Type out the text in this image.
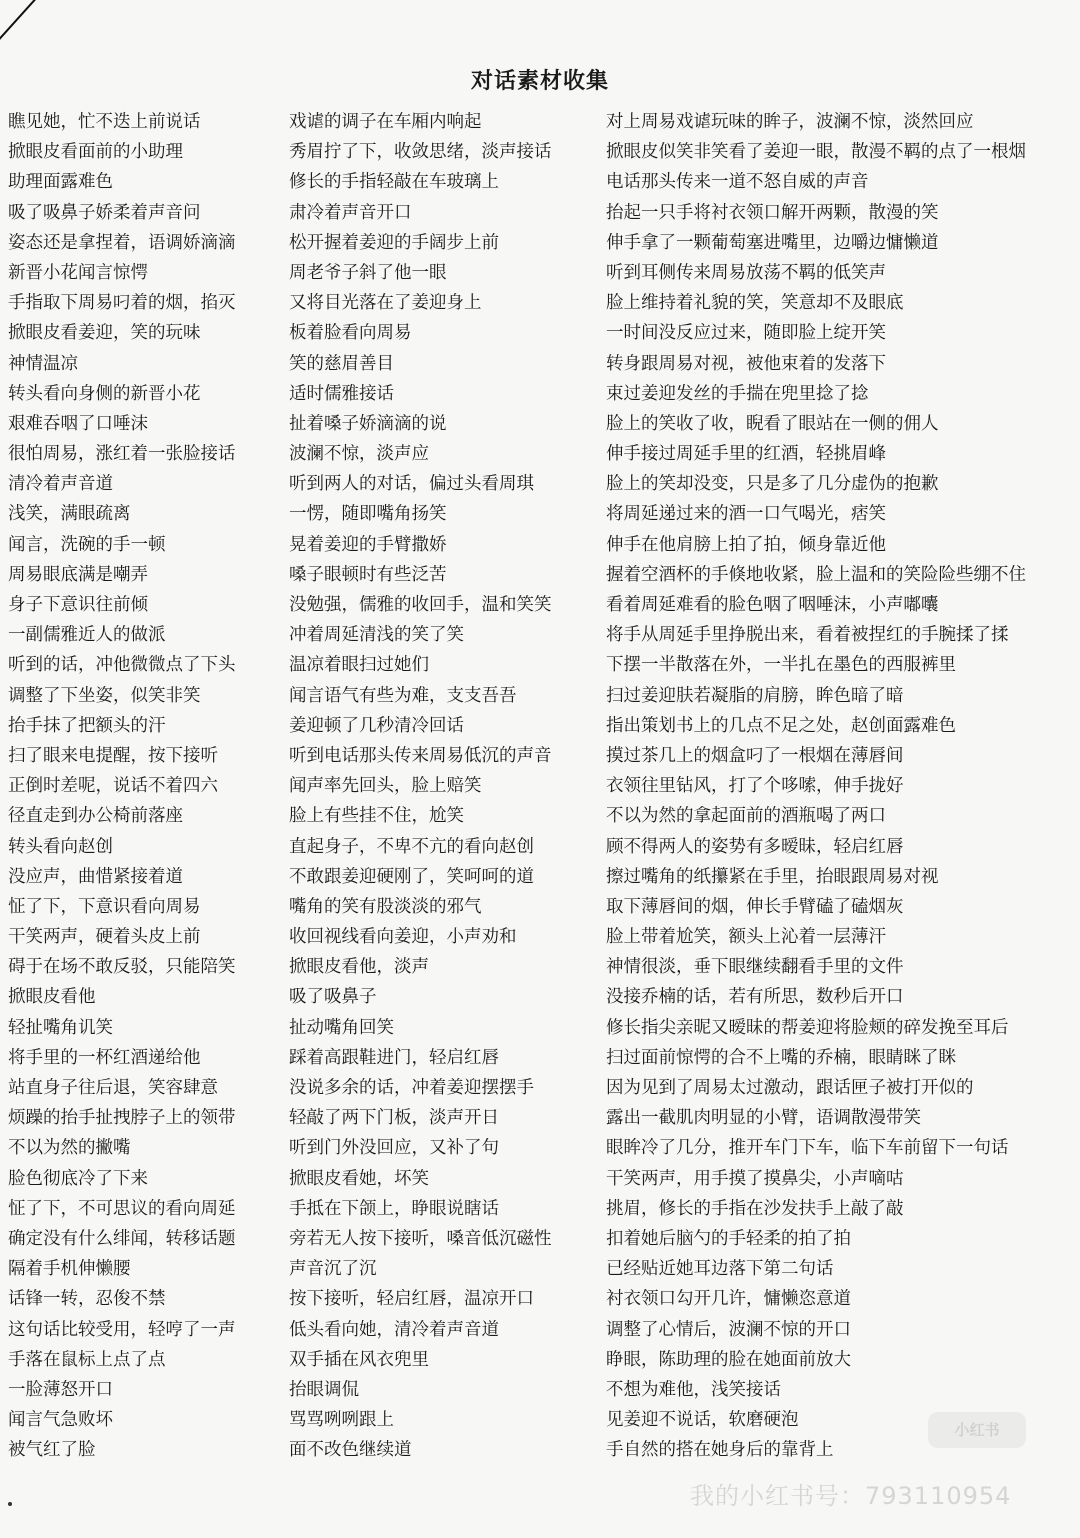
对话素材收集
瞧见她，忙不迭上前说话
掀眼皮看面前的小助理
助理面露难色
吸了吸鼻子娇柔着声音问
姿态还是拿捏着，语调娇滴滴
新晋小花闻言惊愕
手指取下周易叼着的烟，掐灭
掀眼皮看姜迎，笑的玩味
神情温凉
转头看向身侧的新晋小花
艰难吞咽了口唾沫
很怕周易，涨红着一张脸接话
清冷着声音道
浅笑，满眼疏离
闻言，洗碗的手一顿
周易眼底满是嘲弄
身子下意识往前倾
一副儒雅近人的做派
听到的话，冲他微微点了下头
调整了下坐姿，似笑非笑
抬手抹了把额头的汗
扫了眼来电提醒，按下接听
正倒时差呢，说话不着四六
径直走到办公椅前落座
转头看向赵创
没应声，曲惜紧接着道
怔了下，下意识看向周易
干笑两声，硬着头皮上前
碍于在场不敢反驳，只能陪笑
掀眼皮看他
轻扯嘴角讥笑
将手里的一杯红酒递给他
站直身子往后退，笑容肆意
烦躁的抬手扯拽脖子上的领带
不以为然的撇嘴
脸色彻底冷了下来
怔了下，不可思议的看向周延
确定没有什么绯闻，转移话题
隔着手机伸懒腰
话锋一转，忍俊不禁
这句话比较受用，轻哼了一声
手落在鼠标上点了点
一脸薄怒开口
闻言气急败坏
被气红了脸
戏谑的调子在车厢内响起
秀眉拧了下，收敛思绪，淡声接话
修长的手指轻敲在车玻璃上
肃冷着声音开口
松开握着姜迎的手阔步上前
周老爷子斜了他一眼
又将目光落在了姜迎身上
板着脸看向周易
笑的慈眉善目
适时儒雅接话
扯着嗓子娇滴滴的说
波澜不惊，淡声应
听到两人的对话，偏过头看周琪
一愣，随即嘴角扬笑
晃着姜迎的手臂撒娇
嗓子眼顿时有些泛苦
没勉强，儒雅的收回手，温和笑笑
冲着周延清浅的笑了笑
温凉着眼扫过她们
闻言语气有些为难，支支吾吾
姜迎顿了几秒清冷回话
听到电话那头传来周易低沉的声音
闻声率先回头，脸上赔笑
脸上有些挂不住，尬笑
直起身子，不卑不亢的看向赵创
不敢跟姜迎硬刚了，笑呵呵的道
嘴角的笑有股淡淡的邪气
收回视线看向姜迎，小声劝和
掀眼皮看他，淡声
吸了吸鼻子
扯动嘴角回笑
踩着高跟鞋进门，轻启红唇
没说多余的话，冲着姜迎摆摆手
轻敲了两下门板，淡声开日
听到门外没回应，又补了句
掀眼皮看她，坏笑
手抵在下颌上，睁眼说瞎话
旁若无人按下接听，嗓音低沉磁性
声音沉了沉
按下接听，轻启红唇，温凉开口
低头看向她，清冷着声音道
双手插在风衣兜里
抬眼调侃
骂骂咧咧跟上
面不改色继续道
对上周易戏谑玩味的眸子，波澜不惊，淡然回应
掀眼皮似笑非笑看了姜迎一眼，散漫不羁的点了一根烟
电话那头传来一道不怒自威的声音
抬起一只手将衬衣领口解开两颗，散漫的笑
伸手拿了一颗葡萄塞进嘴里，边嚼边慵懒道
听到耳侧传来周易放荡不羁的低笑声
脸上维持着礼貌的笑，笑意却不及眼底
一时间没反应过来，随即脸上绽开笑
转身跟周易对视，被他束着的发落下
束过姜迎发丝的手揣在兜里捻了捻
脸上的笑收了收，睨看了眼站在一侧的佣人
伸手接过周延手里的红酒，轻挑眉峰
脸上的笑却没变，只是多了几分虚伪的抱歉
将周延递过来的酒一口气喝光，痞笑
伸手在他肩膀上拍了拍，倾身靠近他
握着空酒杯的手倏地收紧，脸上温和的笑险险些绷不住
看着周延难看的脸色咽了咽唾沫，小声嘟囔
将手从周延手里挣脱出来，看着被捏红的手腕揉了揉
下摆一半散落在外，一半扎在墨色的西服裤里
扫过姜迎肤若凝脂的肩膀，眸色暗了暗
指出策划书上的几点不足之处，赵创面露难色
摸过茶几上的烟盒叼了一根烟在薄唇间
衣领往里钻风，打了个哆嗦，伸手拢好
不以为然的拿起面前的酒瓶喝了两口
顾不得两人的姿势有多暧昧，轻启红唇
擦过嘴角的纸攥紧在手里，抬眼跟周易对视
取下薄唇间的烟，伸长手臂磕了磕烟灰
脸上带着尬笑，额头上沁着一层薄汗
神情很淡，垂下眼继续翻看手里的文件
没接乔楠的话，若有所思，数秒后开口
修长指尖亲昵又暧昧的帮姜迎将脸颊的碎发挽至耳后
扫过面前惊愕的合不上嘴的乔楠，眼睛眯了眯
因为见到了周易太过激动，跟话匣子被打开似的
露出一截肌肉明显的小臂，语调散漫带笑
眼眸冷了几分，推开车门下车，临下车前留下一句话
干笑两声，用手摸了摸鼻尖，小声嘀咕
挑眉，修长的手指在沙发扶手上敲了敲
扣着她后脑勺的手轻柔的拍了拍
已经贴近她耳边落下第二句话
衬衣领口勾开几许，慵懒恣意道
调整了心情后，波澜不惊的开口
睁眼，陈助理的脸在她面前放大
不想为难他，浅笑接话
见姜迎不说话，软磨硬泡
手自然的搭在她身后的靠背上
小红书
我的小红书号：793110954
